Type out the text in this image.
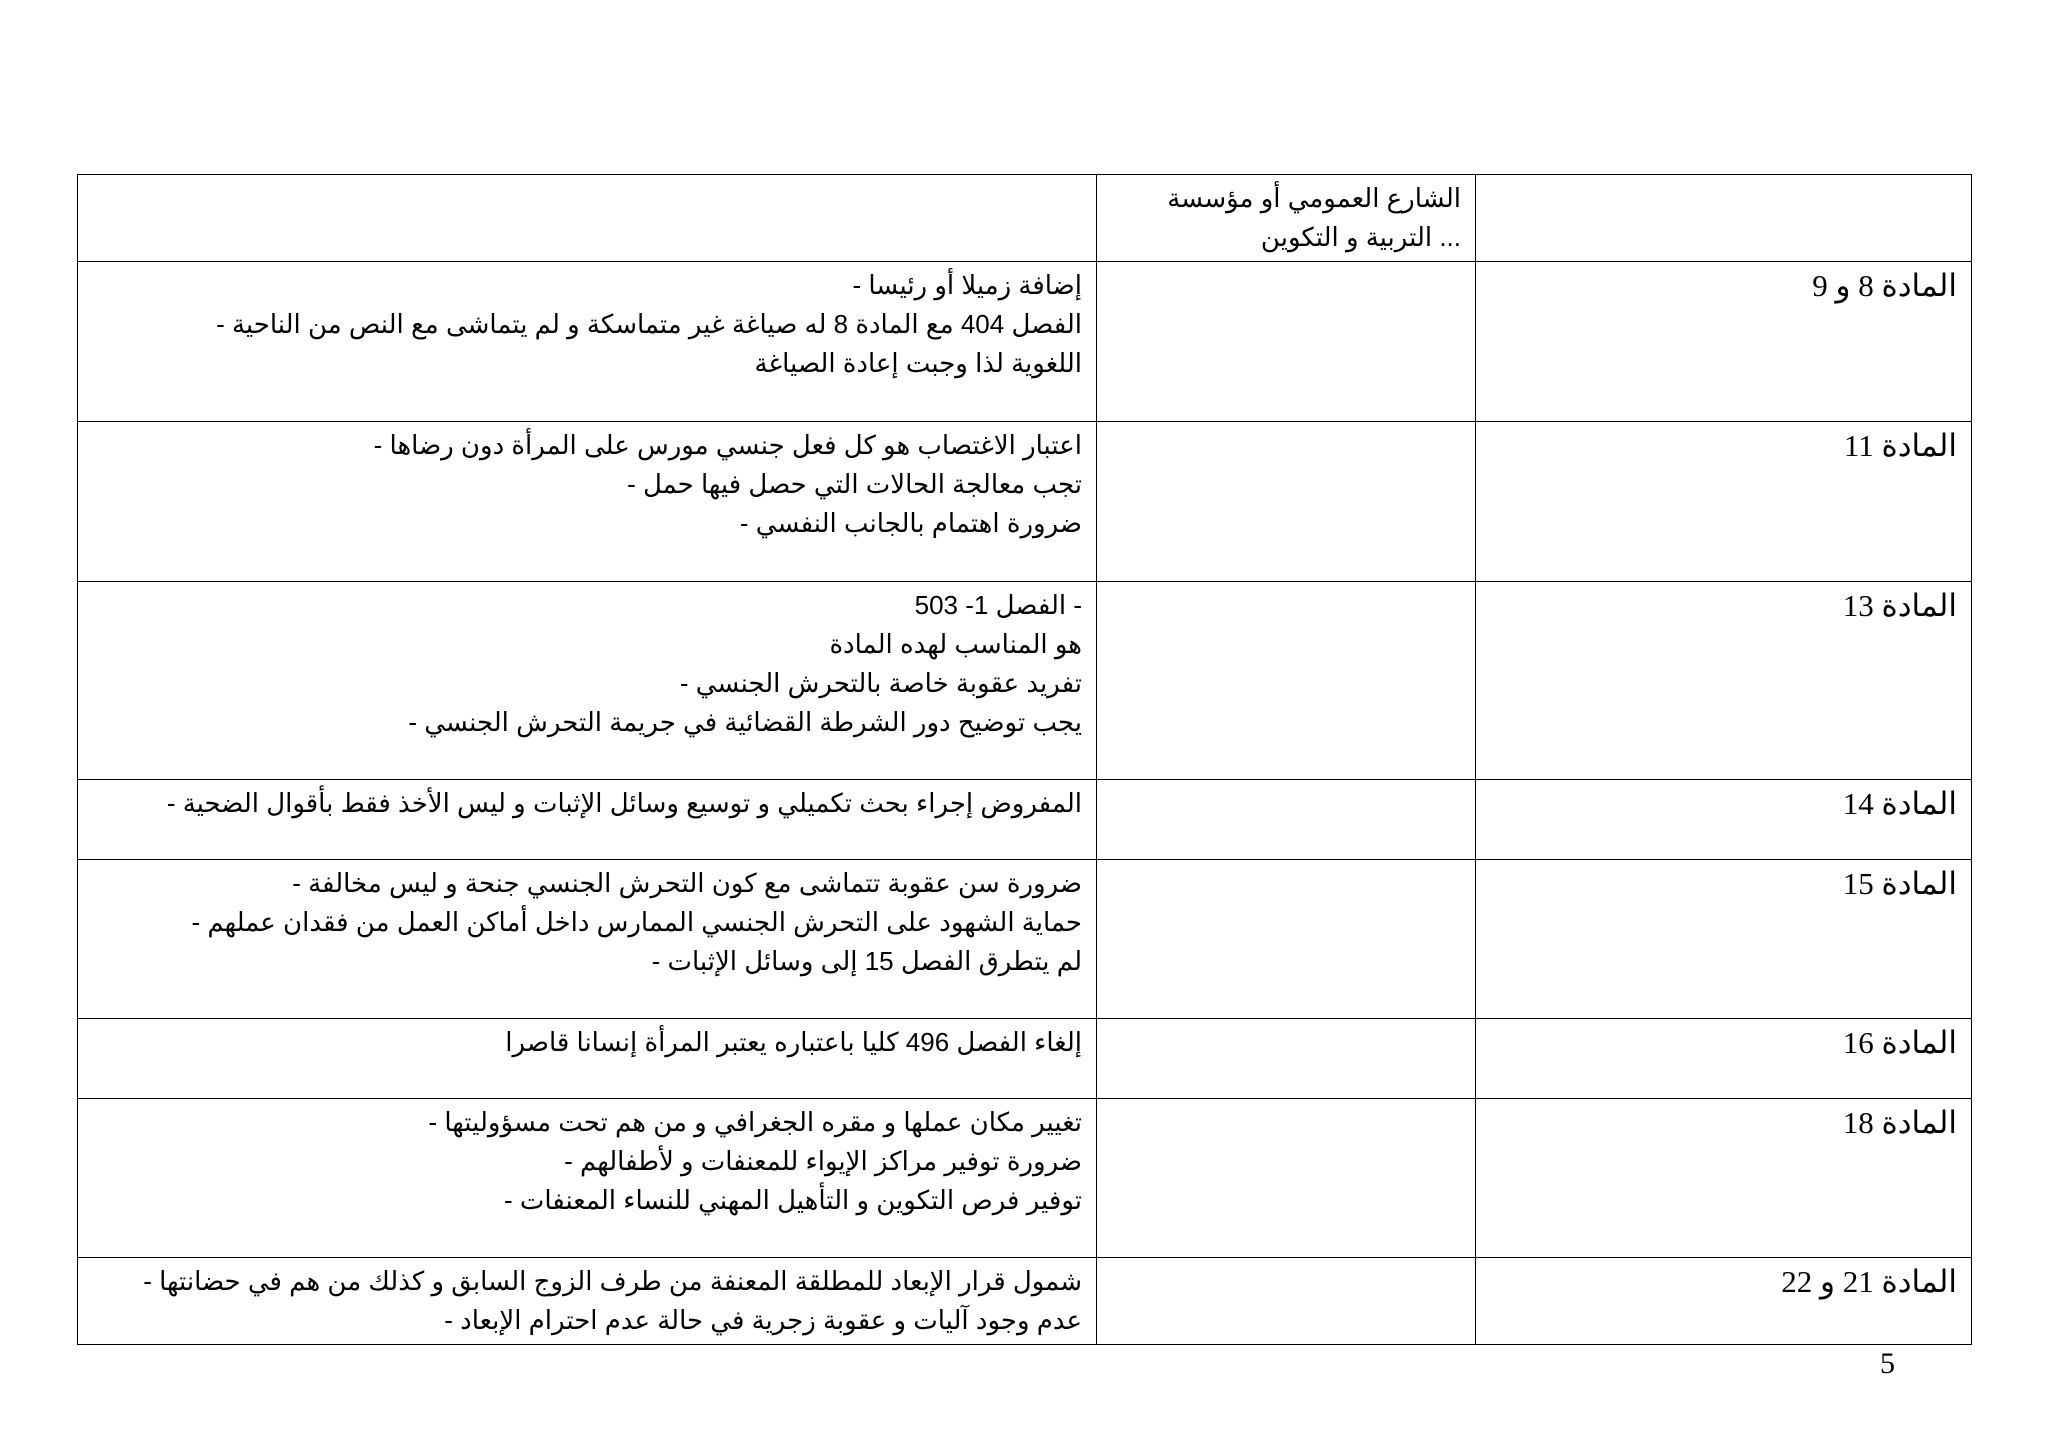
	الشارع العمومي أو مؤسسة
... التربية و التكوين	

المادة 8 و 9		إضافة زميلا أو رئيسا -
الفصل 404 مع المادة 8 له صياغة غير متماسكة و لم يتماشى مع النص من الناحية -
اللغوية لذا وجبت إعادة الصياغة

المادة 11		اعتبار الاغتصاب هو كل فعل جنسي مورس على المرأة دون رضاها -
تجب معالجة الحالات التي حصل فيها حمل -
ضرورة اهتمام بالجانب النفسي -

المادة 13		- الفصل 1- 503
هو المناسب لهده المادة
تفريد عقوبة خاصة بالتحرش الجنسي -
يجب توضيح دور الشرطة القضائية في جريمة التحرش الجنسي -

المادة 14		المفروض إجراء بحث تكميلي و توسيع وسائل الإثبات و ليس الأخذ فقط بأقوال الضحية -

المادة 15		ضرورة سن عقوبة تتماشى مع كون التحرش الجنسي جنحة و ليس مخالفة -
حماية الشهود على التحرش الجنسي الممارس داخل أماكن العمل من فقدان عملهم -
لم يتطرق الفصل 15 إلى وسائل الإثبات -

المادة 16		إلغاء الفصل 496 كليا باعتباره يعتبر المرأة إنسانا قاصرا

المادة 18		تغيير مكان عملها و مقره الجغرافي و من هم تحت مسؤوليتها -
ضرورة توفير مراكز الإيواء للمعنفات و لأطفالهم -
توفير فرص التكوين و التأهيل المهني للنساء المعنفات -

المادة 21 و 22		شمول قرار الإبعاد للمطلقة المعنفة من طرف الزوج السابق و كذلك من هم في حضانتها -
عدم وجود آليات و عقوبة زجرية في حالة عدم احترام الإبعاد -
5
